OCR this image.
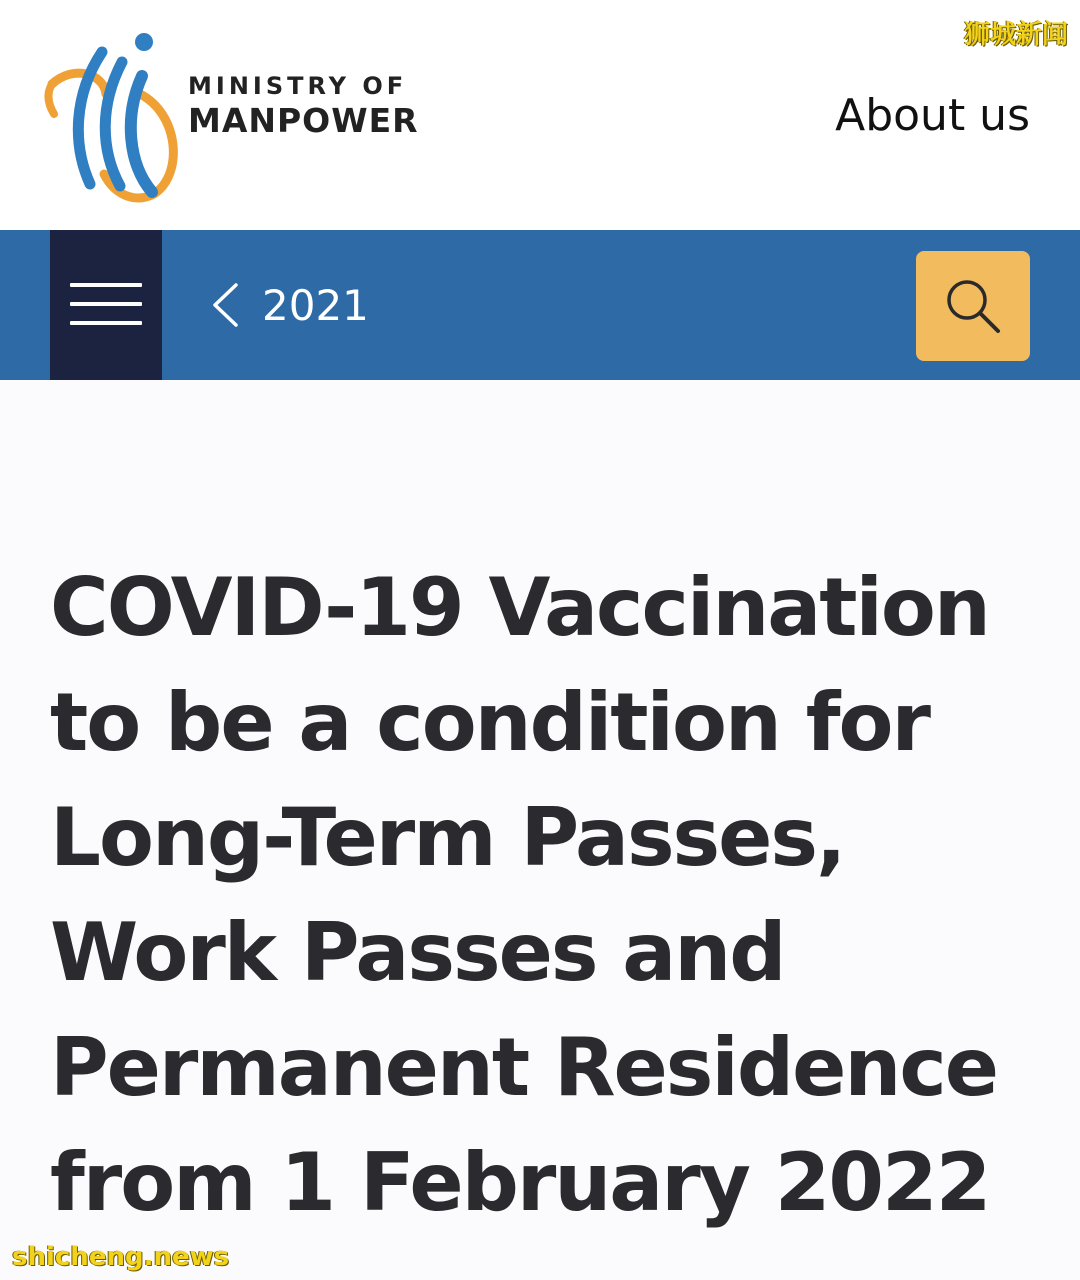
MINISTRY OF
MANPOWER	About us
狮城新闻
2021
COVID-19 Vaccination
to be a condition for
Long-Term Passes,
Work Passes and
Permanent Residence
from 1 February 2022
shicheng.news
